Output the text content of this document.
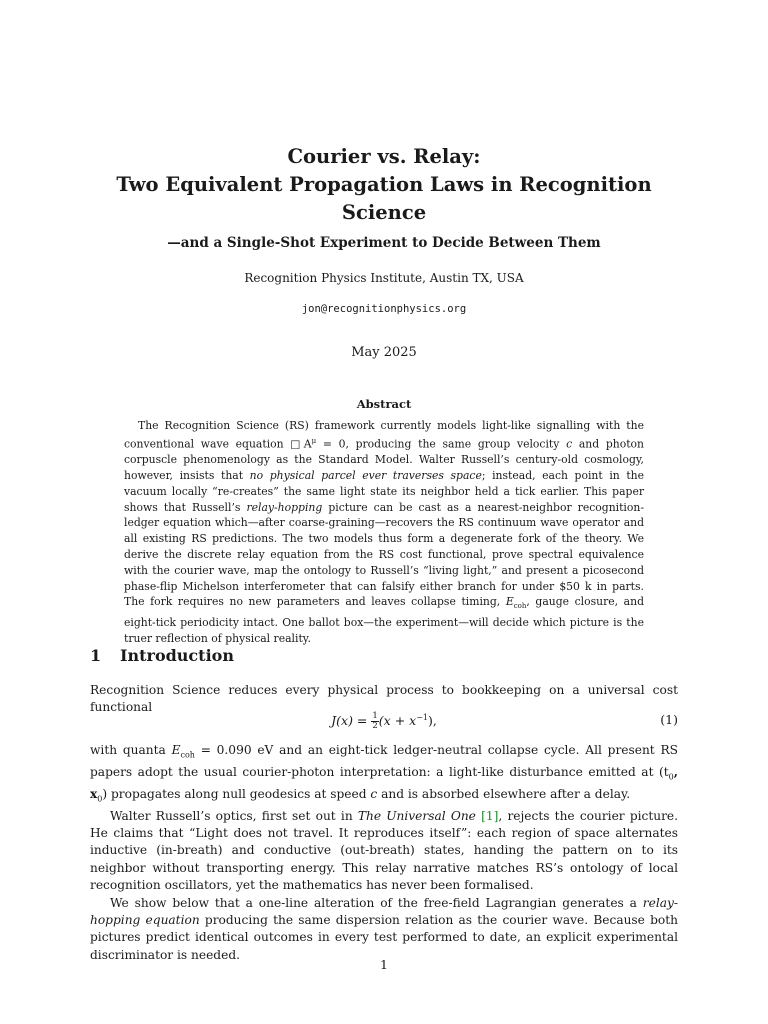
Courier vs. Relay:
Two Equivalent Propagation Laws in Recognition
Science
—and a Single-Shot Experiment to Decide Between Them
Recognition Physics Institute, Austin TX, USA
jon@recognitionphysics.org
May 2025
Abstract

The Recognition Science (RS) framework currently models light-like signalling with the conventional wave equation $□A^\mu = 0$, producing the same group velocity c and photon corpuscle phenomenology as the Standard Model. Walter Russell’s century-old cosmology, however, insists that no physical parcel ever traverses space; instead, each point in the vacuum locally “re-creates” the same light state its neighbor held a tick earlier. This paper shows that Russell’s relay-hopping picture can be cast as a nearest-neighbor recognition-ledger equation which—after coarse-graining—recovers the RS continuum wave operator and all existing RS predictions. The two models thus form a degenerate fork of the theory. We derive the discrete relay equation from the RS cost functional, prove spectral equivalence with the courier wave, map the ontology to Russell’s “living light,” and present a picosecond phase-flip Michelson interferometer that can falsify either branch for under $50 k in parts. The fork requires no new parameters and leaves collapse timing, $E_{coh}$, gauge closure, and eight-tick periodicity intact. One ballot box—the experiment—will decide which picture is the truer reflection of physical reality.

1 Introduction

Recognition Science reduces every physical process to bookkeeping on a universal cost functional

$J(x) = \frac{1}{2} (x + x^{-1})$,	(1)

with quanta $E_{coh} = 0.090$ eV and an eight-tick ledger-neutral collapse cycle. All present RS papers adopt the usual courier-photon interpretation: a light-like disturbance emitted at ($t_0$, $x_0$) propagates along null geodesics at speed c and is absorbed elsewhere after a delay.

Walter Russell’s optics, first set out in The Universal One [1], rejects the courier picture. He claims that “Light does not travel. It reproduces itself”: each region of space alternates inductive (in-breath) and conductive (out-breath) states, handing the pattern on to its neighbor without transporting energy. This relay narrative matches RS’s ontology of local recognition oscillators, yet the mathematics has never been formalised.

We show below that a one-line alteration of the free-field Lagrangian generates a relay-hopping equation producing the same dispersion relation as the courier wave. Because both pictures predict identical outcomes in every test performed to date, an explicit experimental discriminator is needed.

1
